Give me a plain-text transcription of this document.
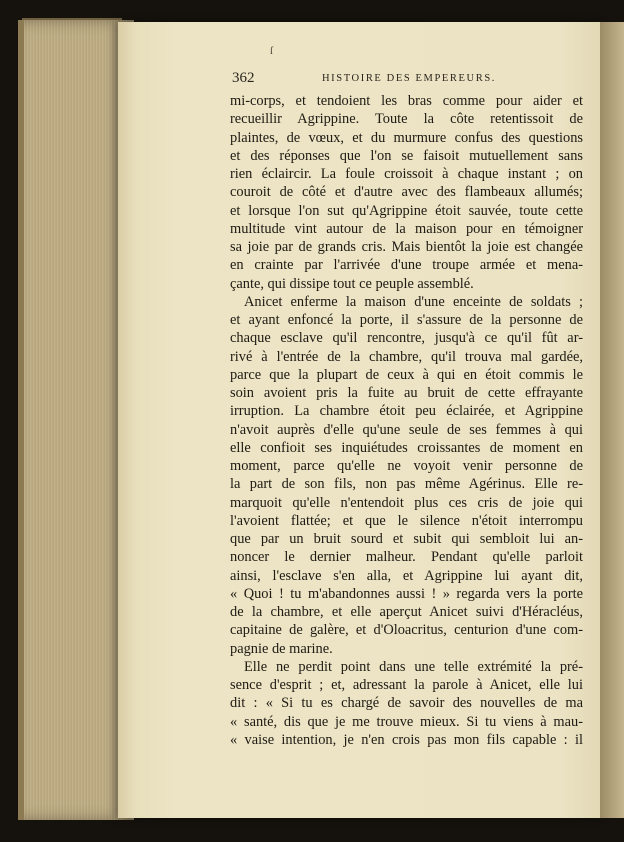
ſ
362	HISTOIRE DES EMPEREURS.
mi-corps, et tendoient les bras comme pour aider et
recueillir Agrippine. Toute la côte retentissoit de
plaintes, de vœux, et du murmure confus des questions
et des réponses que l'on se faisoit mutuellement sans
rien éclaircir. La foule croissoit à chaque instant ; on
couroit de côté et d'autre avec des flambeaux allumés;
et lorsque l'on sut qu'Agrippine étoit sauvée, toute cette
multitude vint autour de la maison pour en témoigner
sa joie par de grands cris. Mais bientôt la joie est changée
en crainte par l'arrivée d'une troupe armée et mena-
çante, qui dissipe tout ce peuple assemblé.
Anicet enferme la maison d'une enceinte de soldats ;
et ayant enfoncé la porte, il s'assure de la personne de
chaque esclave qu'il rencontre, jusqu'à ce qu'il fût ar-
rivé à l'entrée de la chambre, qu'il trouva mal gardée,
parce que la plupart de ceux à qui en étoit commis le
soin avoient pris la fuite au bruit de cette effrayante
irruption. La chambre étoit peu éclairée, et Agrippine
n'avoit auprès d'elle qu'une seule de ses femmes à qui
elle confioit ses inquiétudes croissantes de moment en
moment, parce qu'elle ne voyoit venir personne de
la part de son fils, non pas même Agérinus. Elle re-
marquoit qu'elle n'entendoit plus ces cris de joie qui
l'avoient flattée; et que le silence n'étoit interrompu
que par un bruit sourd et subit qui sembloit lui an-
noncer le dernier malheur. Pendant qu'elle parloit
ainsi, l'esclave s'en alla, et Agrippine lui ayant dit,
« Quoi ! tu m'abandonnes aussi ! » regarda vers la porte
de la chambre, et elle aperçut Anicet suivi d'Héracléus,
capitaine de galère, et d'Oloacritus, centurion d'une com-
pagnie de marine.
Elle ne perdit point dans une telle extrémité la pré-
sence d'esprit ; et, adressant la parole à Anicet, elle lui
dit : « Si tu es chargé de savoir des nouvelles de ma
« santé, dis que je me trouve mieux. Si tu viens à mau-
« vaise intention, je n'en crois pas mon fils capable : il
